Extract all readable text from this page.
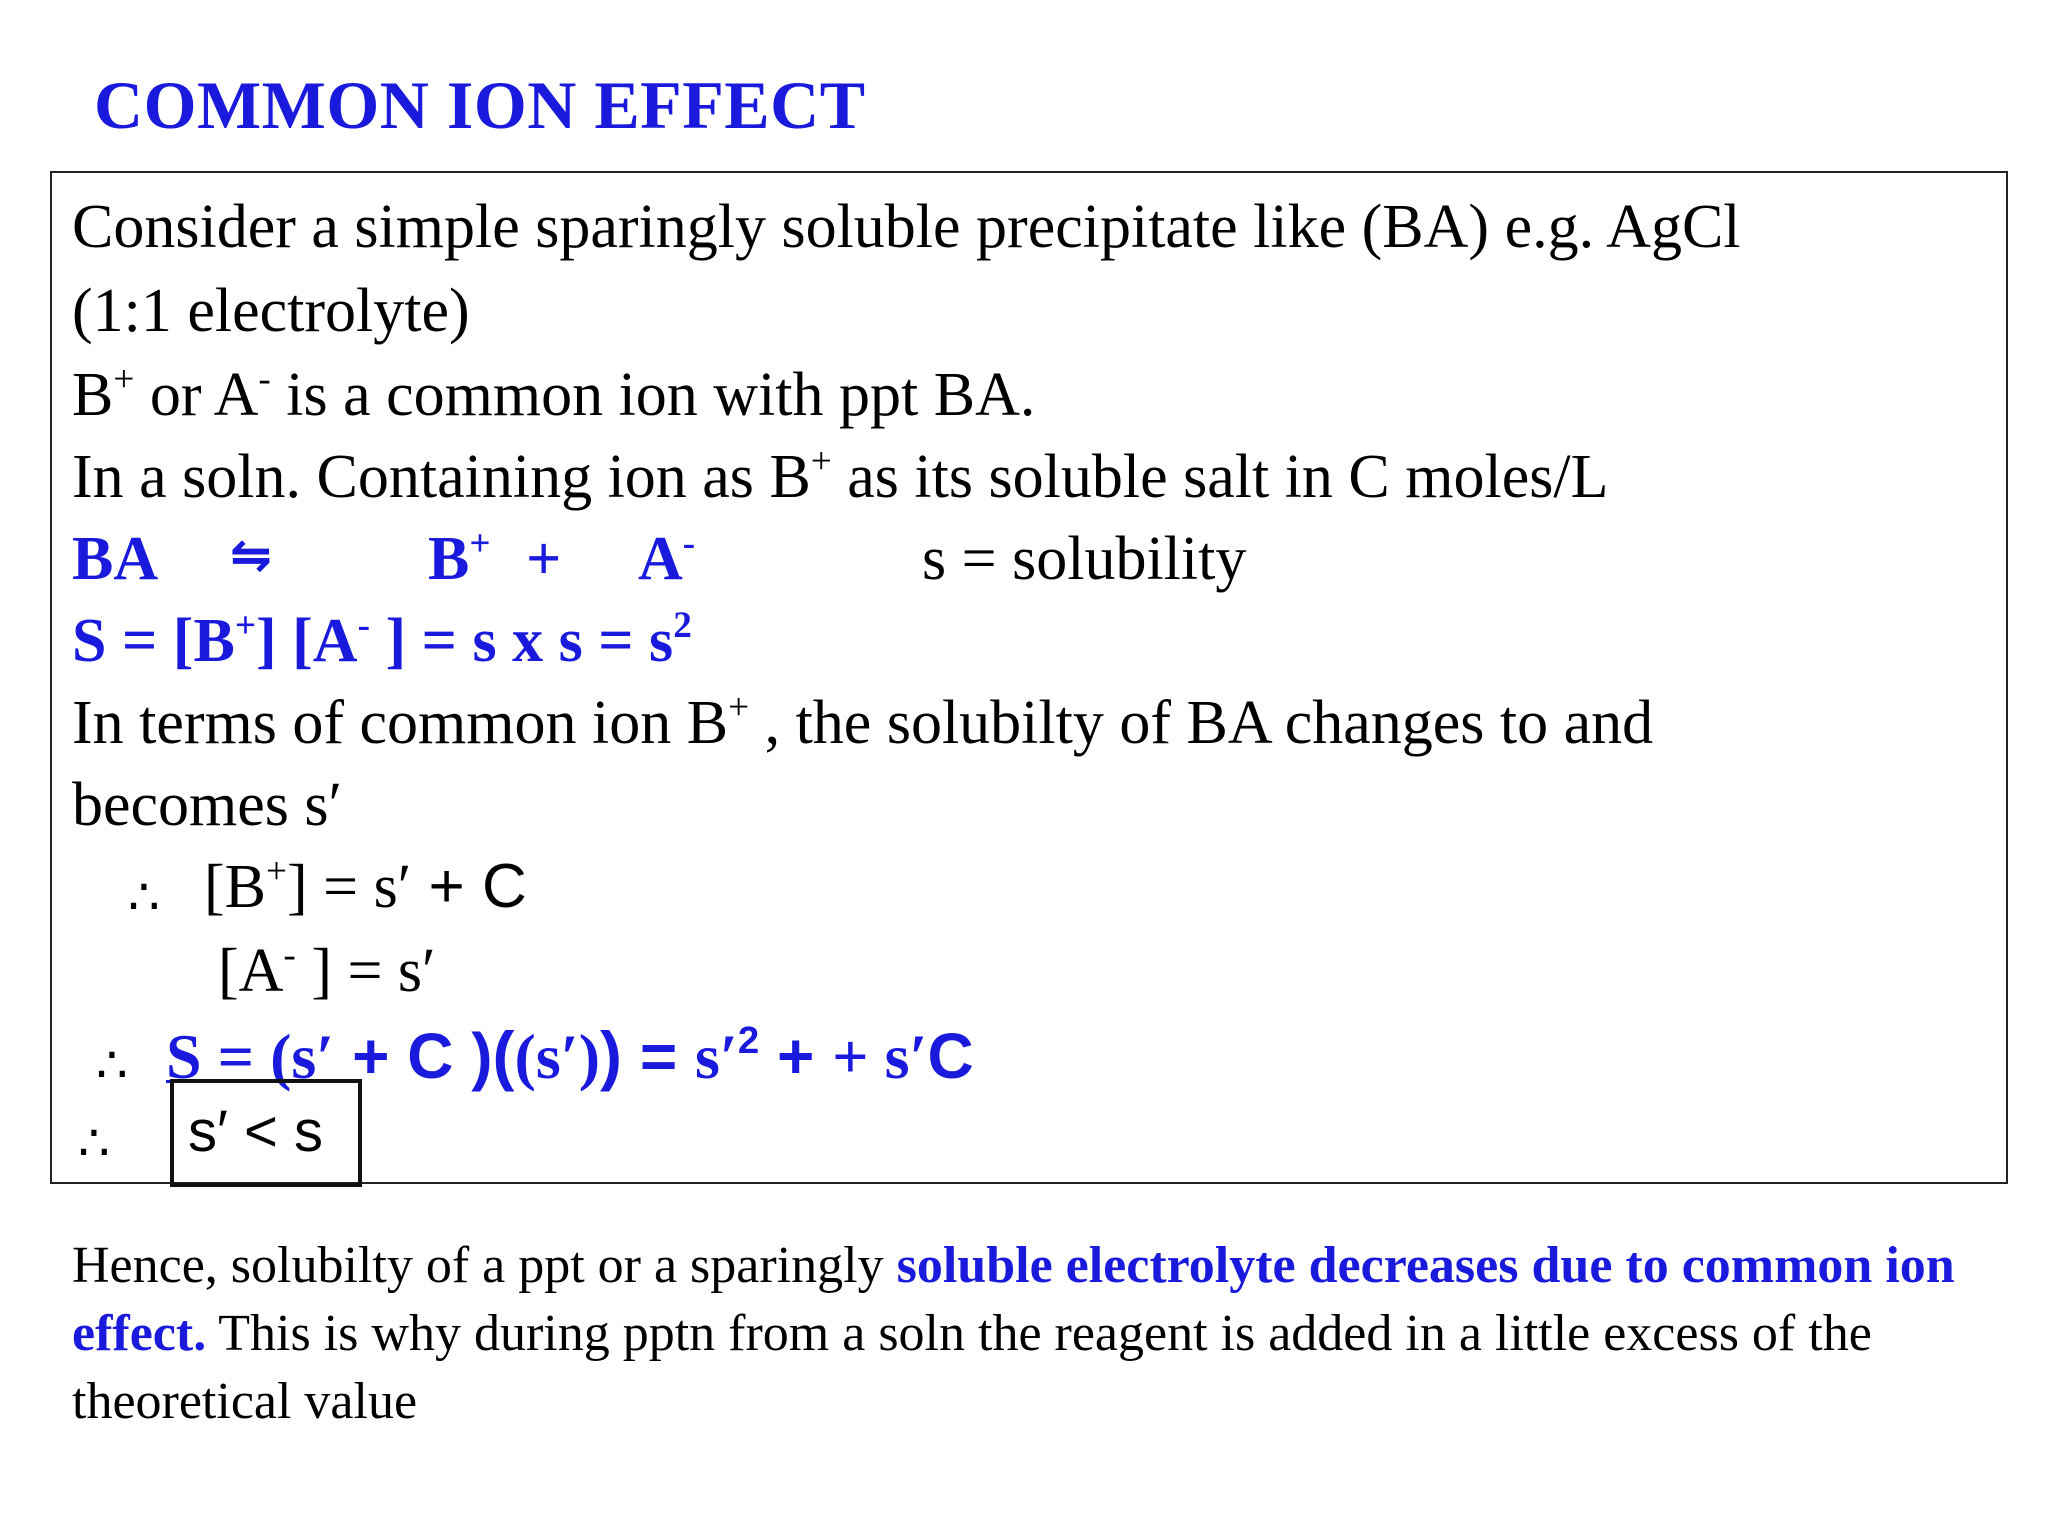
COMMON ION EFFECT
Consider a simple sparingly soluble precipitate like (BA) e.g. AgCl
(1:1 electrolyte)
B+ or A- is a common ion with ppt BA.
In a soln. Containing ion as B+ as its soluble salt in C moles/L
BA ⇋	B+ + A-	s = solubility
S = [B+] [A- ] = s x $s = s^2$
In terms of common ion B+ , the solubilty of BA changes to and
becomes s′
∴ [B+] = s′ + C
[A- ] = s′
∴ S = (s′ + C )$((s')) = s'^2$ + + s′C
∴	s′ < s
Hence, solubilty of a ppt or a sparingly soluble electrolyte decreases due to common ion effect. This is why during pptn from a soln the reagent is added in a little excess of the theoretical value
